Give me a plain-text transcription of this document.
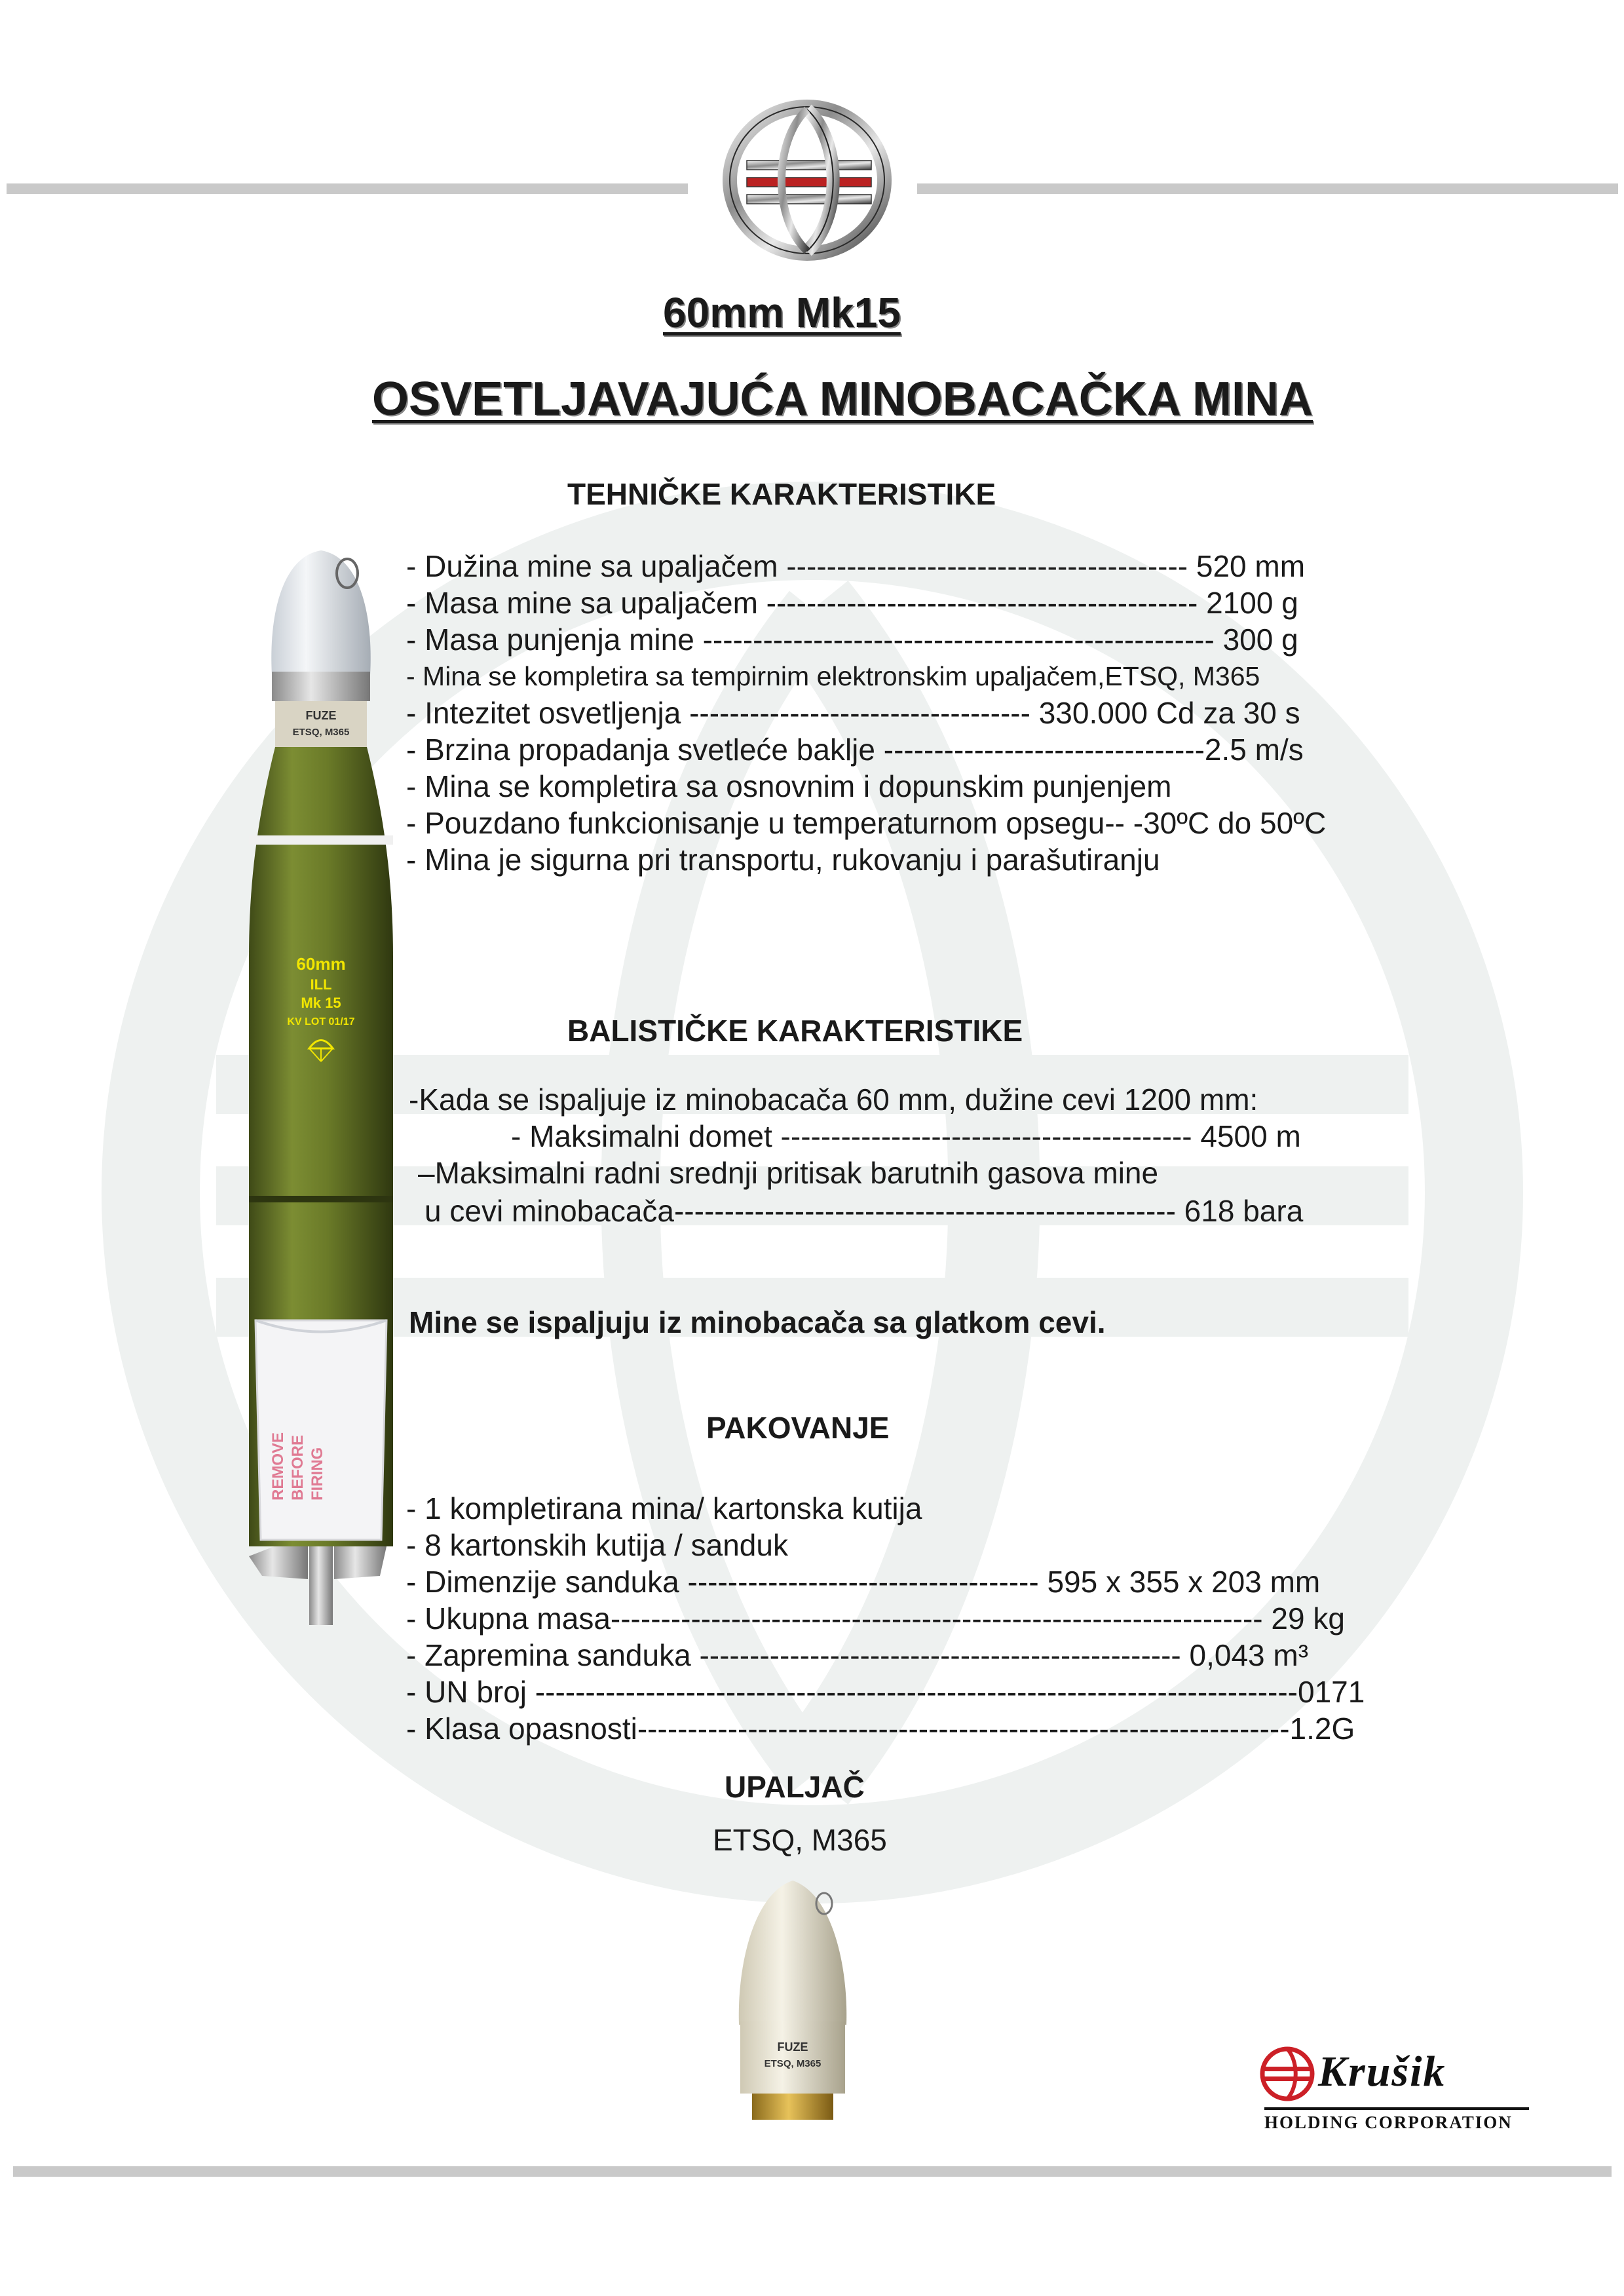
60mm Mk15
OSVETLJAVAJUĆA MINOBACAČKA MINA
FUZE
ETSQ, M365
60mm
ILL
Mk 15
KV LOT 01/17
REMOVE BEFORE FIRING
TEHNIČKE KARAKTERISTIKE
- Dužina mine sa upaljačem ---------------------------------------- 520 mm
- Masa mine sa upaljačem ------------------------------------------- 2100 g
- Masa punjenja mine --------------------------------------------------- 300 g
- Mina se kompletira sa tempirnim elektronskim upaljačem,ETSQ, M365
- Intezitet osvetljenja ---------------------------------- 330.000 Cd za 30 s
- Brzina propadanja svetleće baklje --------------------------------2.5 m/s
- Mina se kompletira sa osnovnim i dopunskim punjenjem
- Pouzdano funkcionisanje u temperaturnom opsegu-- -30ºC do 50ºC
- Mina je sigurna pri transportu, rukovanju i parašutiranju
BALISTIČKE KARAKTERISTIKE
-Kada se ispaljuje iz minobacača 60 mm, dužine cevi 1200 mm:
- Maksimalni domet ----------------------------------------- 4500 m
–Maksimalni radni srednji pritisak barutnih gasova mine
u cevi minobacača-------------------------------------------------- 618 bara
Mine se ispaljuju iz minobacača sa glatkom cevi.
PAKOVANJE
- 1 kompletirana mina/ kartonska kutija
- 8 kartonskih kutija / sanduk
- Dimenzije sanduka ----------------------------------- 595 x 355 x 203 mm
- Ukupna masa----------------------------------------------------------------- 29 kg
- Zapremina sanduka ------------------------------------------------ 0,043 m³
- UN broj ----------------------------------------------------------------------------0171
- Klasa opasnosti-----------------------------------------------------------------1.2G
UPALJAČ
ETSQ, M365
FUZE
ETSQ, M365	Krušik
HOLDING CORPORATION
